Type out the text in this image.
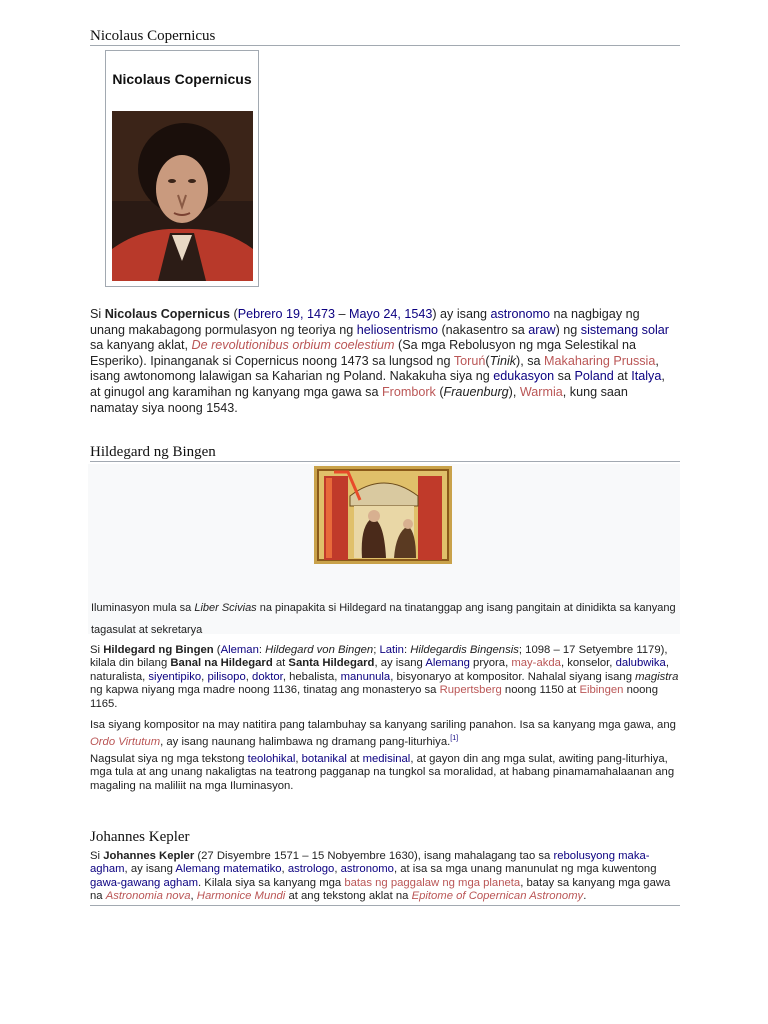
Nicolaus Copernicus
Nicolaus Copernicus
Si Nicolaus Copernicus (Pebrero 19, 1473 – Mayo 24, 1543) ay isang astronomo na nagbigay ng unang makabagong pormulasyon ng teoriya ng heliosentrismo (nakasentro sa araw) ng sistemang solar sa kanyang aklat, De revolutionibus orbium coelestium (Sa mga Rebolusyon ng mga Selestikal na Esperiko). Ipinanganak si Copernicus noong 1473 sa lungsod ng Toruń(Tinik), sa Makaharing Prussia, isang awtonomong lalawigan sa Kaharian ng Poland. Nakakuha siya ng edukasyon sa Poland at Italya, at ginugol ang karamihan ng kanyang mga gawa sa Frombork (Frauenburg), Warmia, kung saan namatay siya noong 1543.
Hildegard ng Bingen
Iluminasyon mula sa Liber Scivias na pinapakita si Hildegard na tinatanggap ang isang pangitain at dinidikta sa kanyang tagasulat at sekretarya
Si Hildegard ng Bingen (Aleman: Hildegard von Bingen; Latin: Hildegardis Bingensis; 1098 – 17 Setyembre 1179), kilala din bilang Banal na Hildegard at Santa Hildegard, ay isang Alemang pryora, may-akda, konselor, dalubwika, naturalista, siyentipiko, pilisopo, doktor, hebalista, manunula, bisyonaryo at kompositor. Nahalal siyang isang magistra ng kapwa niyang mga madre noong 1136, tinatag ang monasteryo sa Rupertsberg noong 1150 at Eibingen noong 1165.
Isa siyang kompositor na may natitira pang talambuhay sa kanyang sariling panahon. Isa sa kanyang mga gawa, ang Ordo Virtutum, ay isang naunang halimbawa ng dramang pang-liturhiya.[1]
Nagsulat siya ng mga tekstong teolohikal, botanikal at medisinal, at gayon din ang mga sulat, awiting pang-liturhiya, mga tula at ang unang nakaligtas na teatrong pagganap na tungkol sa moralidad, at habang pinamamahalaanan ang magaling na maliliit na mga Iluminasyon.
Johannes Kepler
Si Johannes Kepler (27 Disyembre 1571 – 15 Nobyembre 1630), isang mahalagang tao sa rebolusyong maka-agham, ay isang Alemang matematiko, astrologo, astronomo, at isa sa mga unang manunulat ng mga kuwentong gawa-gawang agham. Kilala siya sa kanyang mga batas ng paggalaw ng mga planeta, batay sa kanyang mga gawa na Astronomia nova, Harmonice Mundi at ang tekstong aklat na Epitome of Copernican Astronomy.
